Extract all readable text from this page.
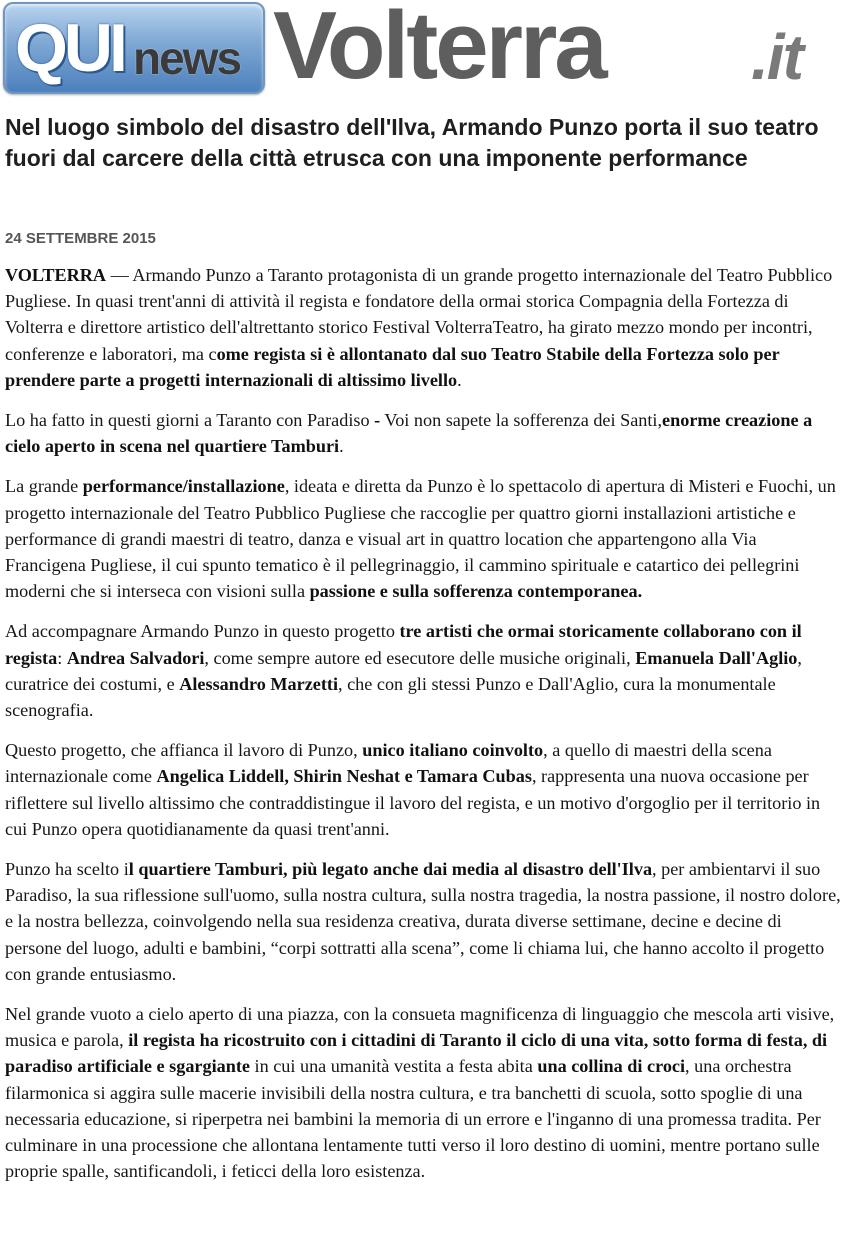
QUI news Volterra .it
Nel luogo simbolo del disastro dell'Ilva, Armando Punzo porta il suo teatro fuori dal carcere della città etrusca con una imponente performance
24 SETTEMBRE 2015

VOLTERRA — Armando Punzo a Taranto protagonista di un grande progetto internazionale del Teatro Pubblico Pugliese. In quasi trent'anni di attività il regista e fondatore della ormai storica Compagnia della Fortezza di Volterra e direttore artistico dell'altrettanto storico Festival VolterraTeatro, ha girato mezzo mondo per incontri, conferenze e laboratori, ma come regista si è allontanato dal suo Teatro Stabile della Fortezza solo per prendere parte a progetti internazionali di altissimo livello.

Lo ha fatto in questi giorni a Taranto con Paradiso - Voi non sapete la sofferenza dei Santi,enorme creazione a cielo aperto in scena nel quartiere Tamburi.

La grande performance/installazione, ideata e diretta da Punzo è lo spettacolo di apertura di Misteri e Fuochi, un progetto internazionale del Teatro Pubblico Pugliese che raccoglie per quattro giorni installazioni artistiche e performance di grandi maestri di teatro, danza e visual art in quattro location che appartengono alla Via Francigena Pugliese, il cui spunto tematico è il pellegrinaggio, il cammino spirituale e catartico dei pellegrini moderni che si interseca con visioni sulla passione e sulla sofferenza contemporanea.

Ad accompagnare Armando Punzo in questo progetto tre artisti che ormai storicamente collaborano con il regista: Andrea Salvadori, come sempre autore ed esecutore delle musiche originali, Emanuela Dall'Aglio, curatrice dei costumi, e Alessandro Marzetti, che con gli stessi Punzo e Dall'Aglio, cura la monumentale scenografia.

Questo progetto, che affianca il lavoro di Punzo, unico italiano coinvolto, a quello di maestri della scena internazionale come Angelica Liddell, Shirin Neshat e Tamara Cubas, rappresenta una nuova occasione per riflettere sul livello altissimo che contraddistingue il lavoro del regista, e un motivo d'orgoglio per il territorio in cui Punzo opera quotidianamente da quasi trent'anni.

Punzo ha scelto il quartiere Tamburi, più legato anche dai media al disastro dell'Ilva, per ambientarvi il suo Paradiso, la sua riflessione sull'uomo, sulla nostra cultura, sulla nostra tragedia, la nostra passione, il nostro dolore, e la nostra bellezza, coinvolgendo nella sua residenza creativa, durata diverse settimane, decine e decine di persone del luogo, adulti e bambini, “corpi sottratti alla scena”, come li chiama lui, che hanno accolto il progetto con grande entusiasmo.

Nel grande vuoto a cielo aperto di una piazza, con la consueta magnificenza di linguaggio che mescola arti visive, musica e parola, il regista ha ricostruito con i cittadini di Taranto il ciclo di una vita, sotto forma di festa, di paradiso artificiale e sgargiante in cui una umanità vestita a festa abita una collina di croci, una orchestra filarmonica si aggira sulle macerie invisibili della nostra cultura, e tra banchetti di scuola, sotto spoglie di una necessaria educazione, si riperpetra nei bambini la memoria di un errore e l'inganno di una promessa tradita. Per culminare in una processione che allontana lentamente tutti verso il loro destino di uomini, mentre portano sulle proprie spalle, santificandoli, i feticci della loro esistenza.
